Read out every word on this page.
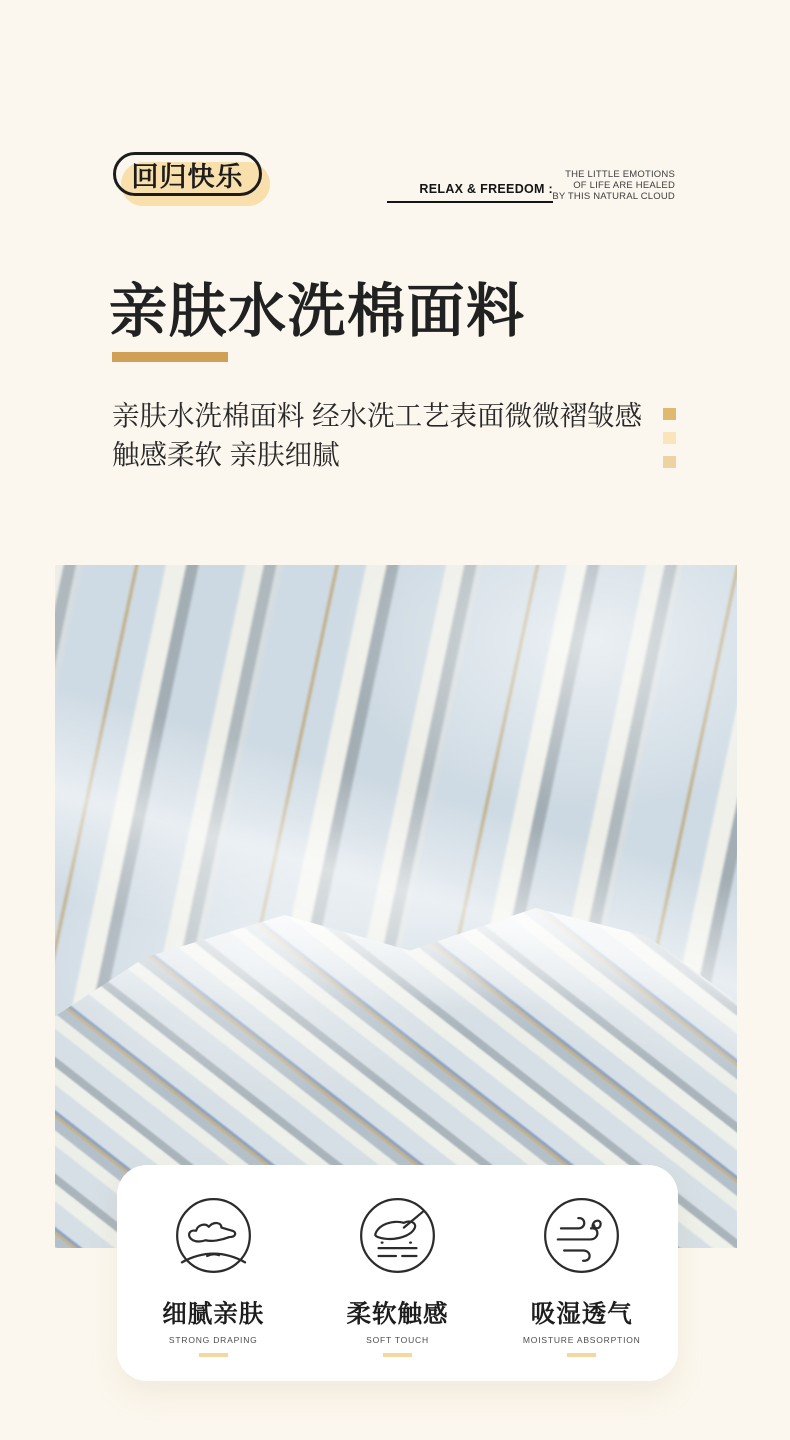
回归快乐	RELAX & FREEDOM :
THE LITTLE EMOTIONS
OF LIFE ARE HEALED
BY THIS NATURAL CLOUD
亲肤水洗棉面料
亲肤水洗棉面料 经水洗工艺表面微微褶皱感
触感柔软 亲肤细腻
细腻亲肤
STRONG DRAPING
柔软触感
SOFT TOUCH
吸湿透气
MOISTURE ABSORPTION
